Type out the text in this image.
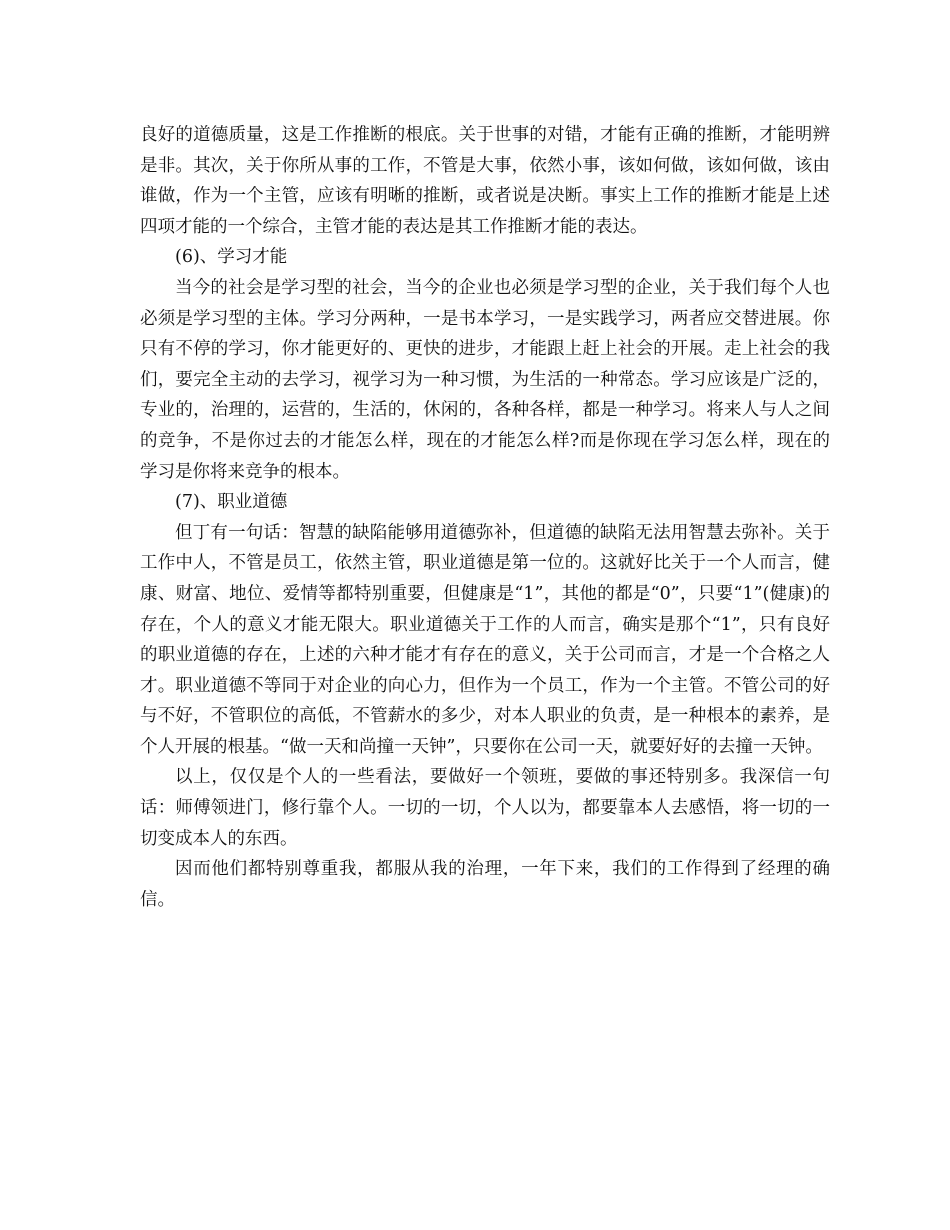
良好的道德质量，这是工作推断的根底。关于世事的对错，才能有正确的推断，才能明辨是非。其次，关于你所从事的工作，不管是大事，依然小事，该如何做，该如何做，该由谁做，作为一个主管，应该有明晰的推断，或者说是决断。事实上工作的推断才能是上述四项才能的一个综合，主管才能的表达是其工作推断才能的表达。

(6)、学习才能

当今的社会是学习型的社会，当今的企业也必须是学习型的企业，关于我们每个人也必须是学习型的主体。学习分两种，一是书本学习，一是实践学习，两者应交替进展。你只有不停的学习，你才能更好的、更快的进步，才能跟上赶上社会的开展。走上社会的我们，要完全主动的去学习，视学习为一种习惯，为生活的一种常态。学习应该是广泛的，专业的，治理的，运营的，生活的，休闲的，各种各样，都是一种学习。将来人与人之间的竞争，不是你过去的才能怎么样，现在的才能怎么样?而是你现在学习怎么样，现在的学习是你将来竞争的根本。

(7)、职业道德

但丁有一句话：智慧的缺陷能够用道德弥补，但道德的缺陷无法用智慧去弥补。关于工作中人，不管是员工，依然主管，职业道德是第一位的。这就好比关于一个人而言，健康、财富、地位、爱情等都特别重要，但健康是“1”，其他的都是“0”，只要“1”(健康)的存在，个人的意义才能无限大。职业道德关于工作的人而言，确实是那个“1”，只有良好的职业道德的存在，上述的六种才能才有存在的意义，关于公司而言，才是一个合格之人才。职业道德不等同于对企业的向心力，但作为一个员工，作为一个主管。不管公司的好与不好，不管职位的高低，不管薪水的多少，对本人职业的负责，是一种根本的素养，是个人开展的根基。“做一天和尚撞一天钟”，只要你在公司一天，就要好好的去撞一天钟。

以上，仅仅是个人的一些看法，要做好一个领班，要做的事还特别多。我深信一句话：师傅领进门，修行靠个人。一切的一切，个人以为，都要靠本人去感悟，将一切的一切变成本人的东西。

因而他们都特别尊重我，都服从我的治理，一年下来，我们的工作得到了经理的确信。
